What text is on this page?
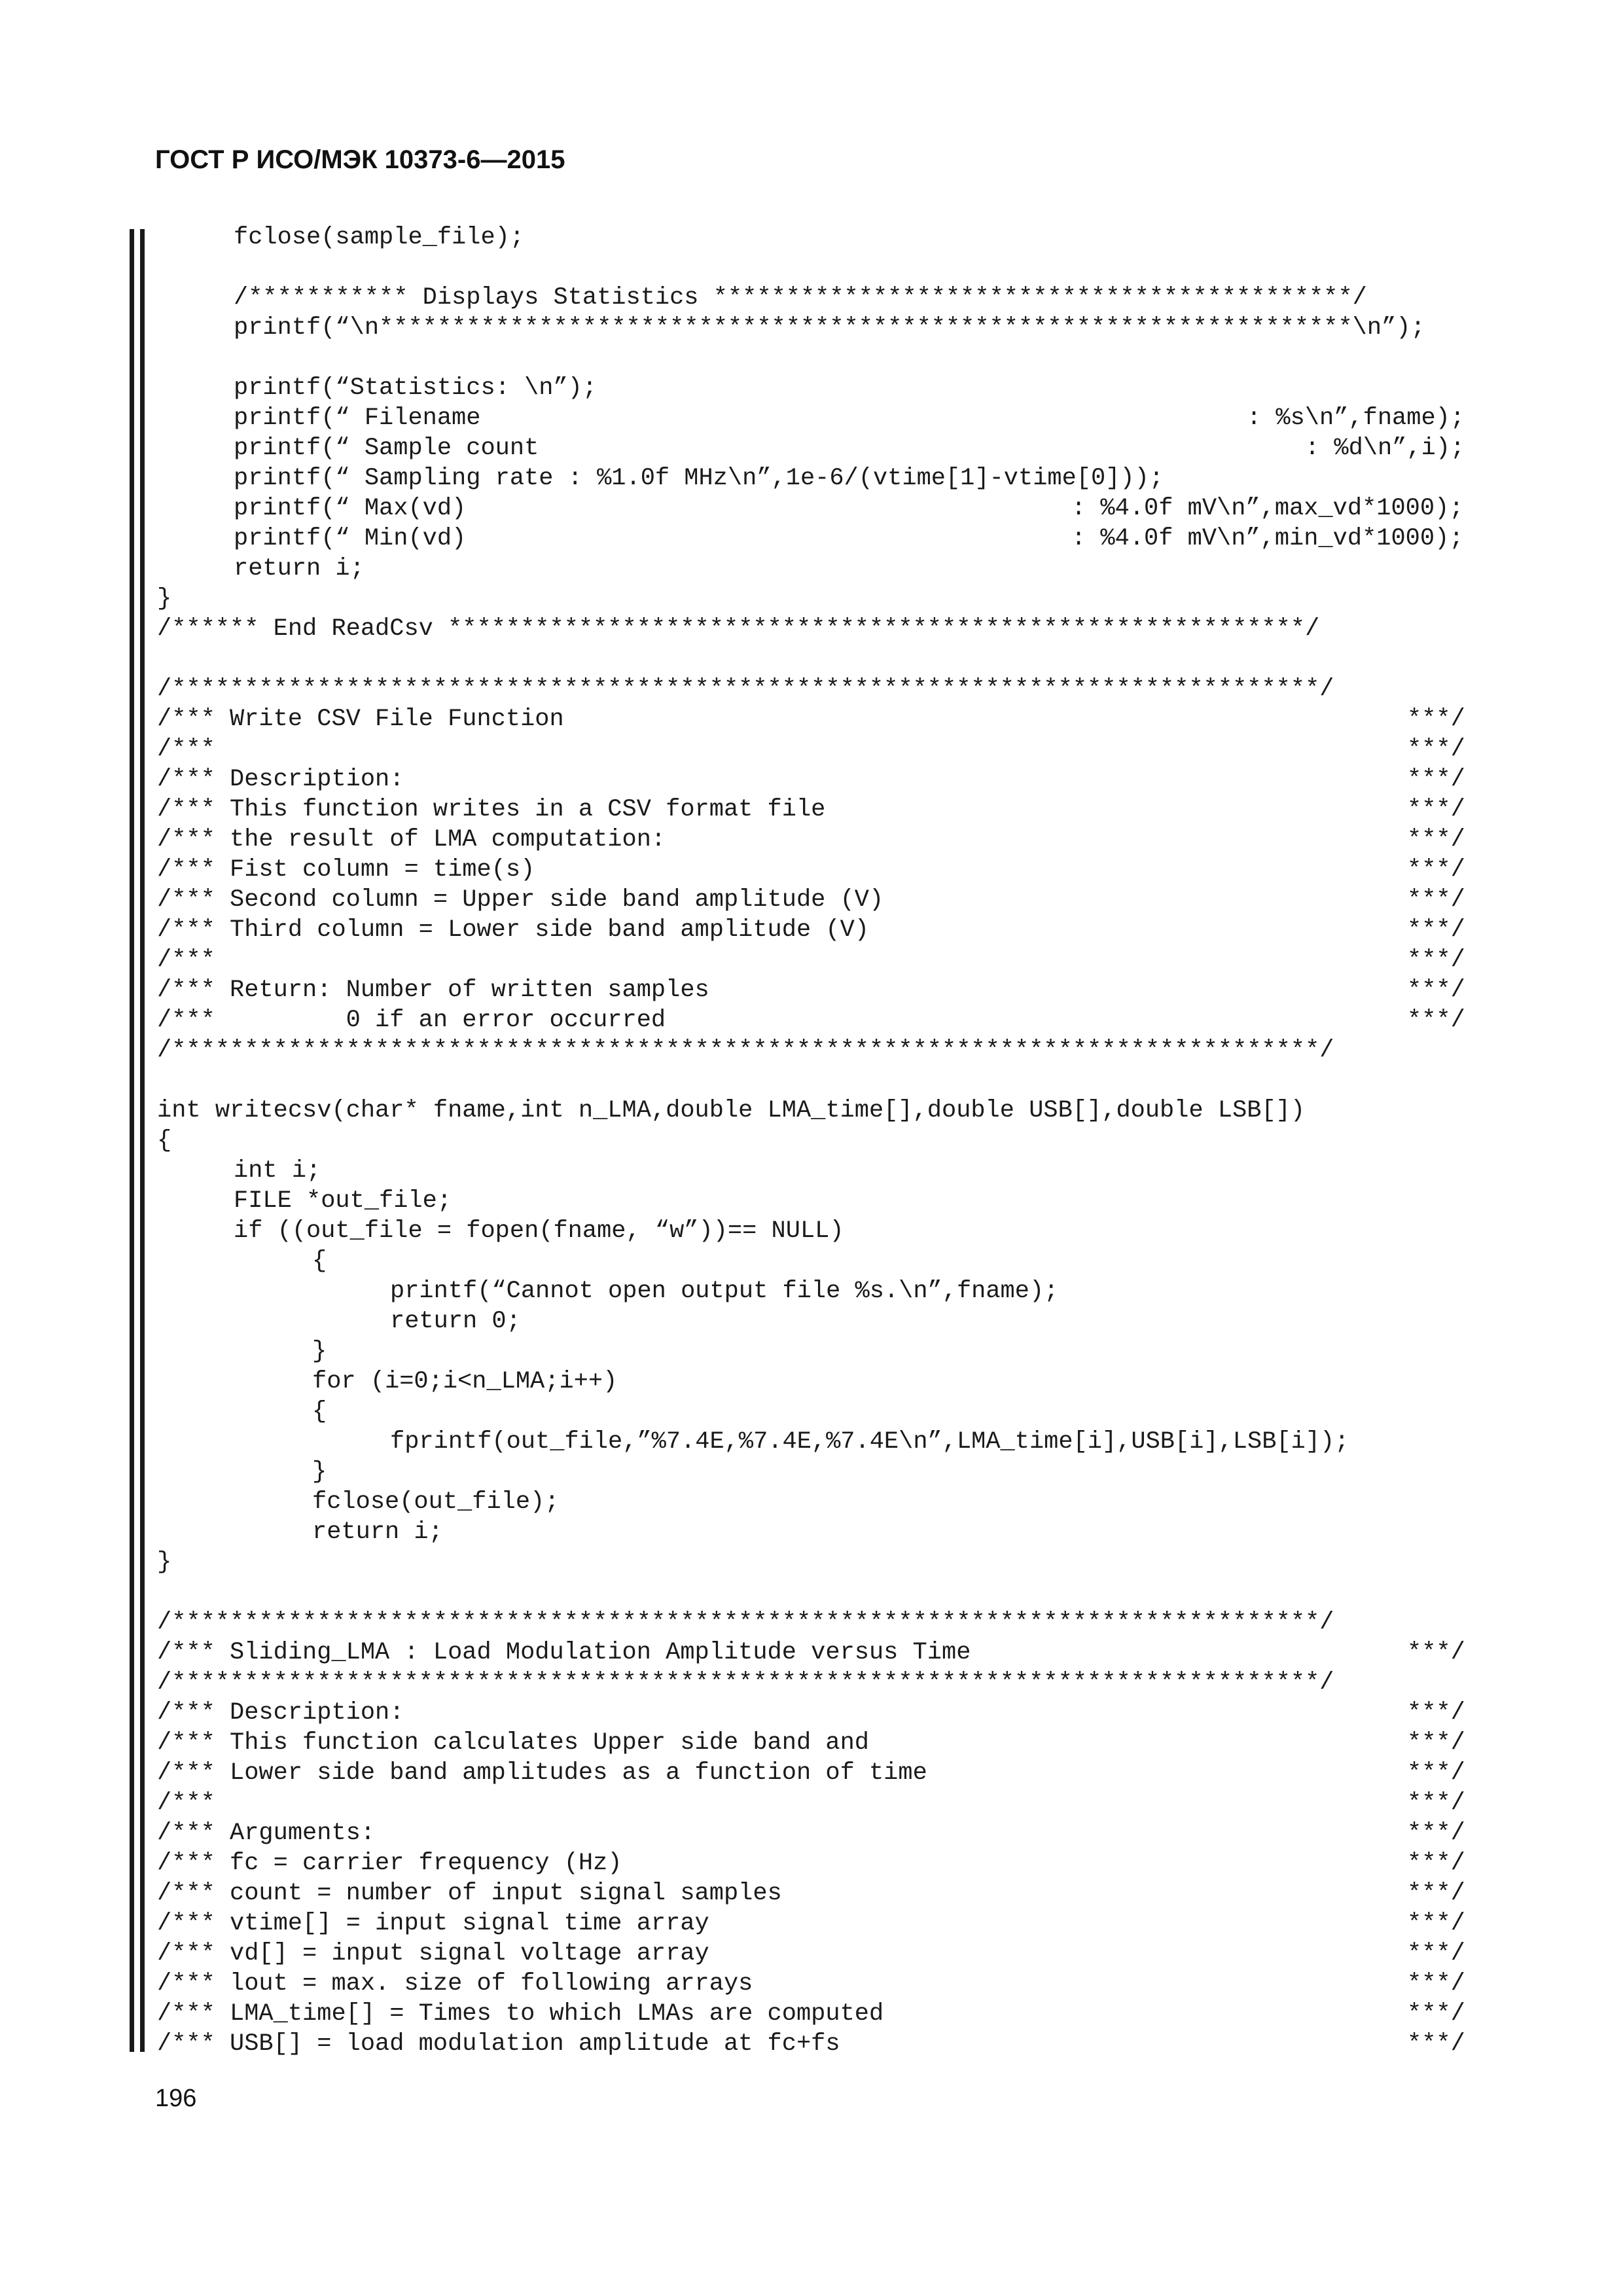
ГОСТ Р ИСО/МЭК 10373-6—2015
fclose(sample_file);
/*********** Displays Statistics ********************************************/
printf(“\n*******************************************************************\n”);
printf(“Statistics: \n”);
printf(“ Filename	: %s\n”,fname);
printf(“ Sample count	: %d\n”,i);
printf(“ Sampling rate : %1.0f MHz\n”,1e-6/(vtime[1]-vtime[0]));
printf(“ Max(vd)	: %4.0f mV\n”,max_vd*1000);
printf(“ Min(vd)	: %4.0f mV\n”,min_vd*1000);
return i;
}
/****** End ReadCsv ***********************************************************/
/*******************************************************************************/
/*** Write CSV File Function	***/
/***	***/
/*** Description:	***/
/*** This function writes in a CSV format file	***/
/*** the result of LMA computation:	***/
/*** Fist column = time(s)	***/
/*** Second column = Upper side band amplitude (V)	***/
/*** Third column = Lower side band amplitude (V)	***/
/***	***/
/*** Return: Number of written samples	***/
/***         0 if an error occurred	***/
/*******************************************************************************/
int writecsv(char* fname,int n_LMA,double LMA_time[],double USB[],double LSB[])
{
int i;
FILE *out_file;
if ((out_file = fopen(fname, “w”))== NULL)
{
printf(“Cannot open output file %s.\n”,fname);
return 0;
}
for (i=0;i<n_LMA;i++)
{
fprintf(out_file,”%7.4E,%7.4E,%7.4E\n”,LMA_time[i],USB[i],LSB[i]);
}
fclose(out_file);
return i;
}
/*******************************************************************************/
/*** Sliding_LMA : Load Modulation Amplitude versus Time	***/
/*******************************************************************************/
/*** Description:	***/
/*** This function calculates Upper side band and	***/
/*** Lower side band amplitudes as a function of time	***/
/***	***/
/*** Arguments:	***/
/*** fc = carrier frequency (Hz)	***/
/*** count = number of input signal samples	***/
/*** vtime[] = input signal time array	***/
/*** vd[] = input signal voltage array	***/
/*** lout = max. size of following arrays	***/
/*** LMA_time[] = Times to which LMAs are computed	***/
/*** USB[] = load modulation amplitude at fc+fs	***/
196
